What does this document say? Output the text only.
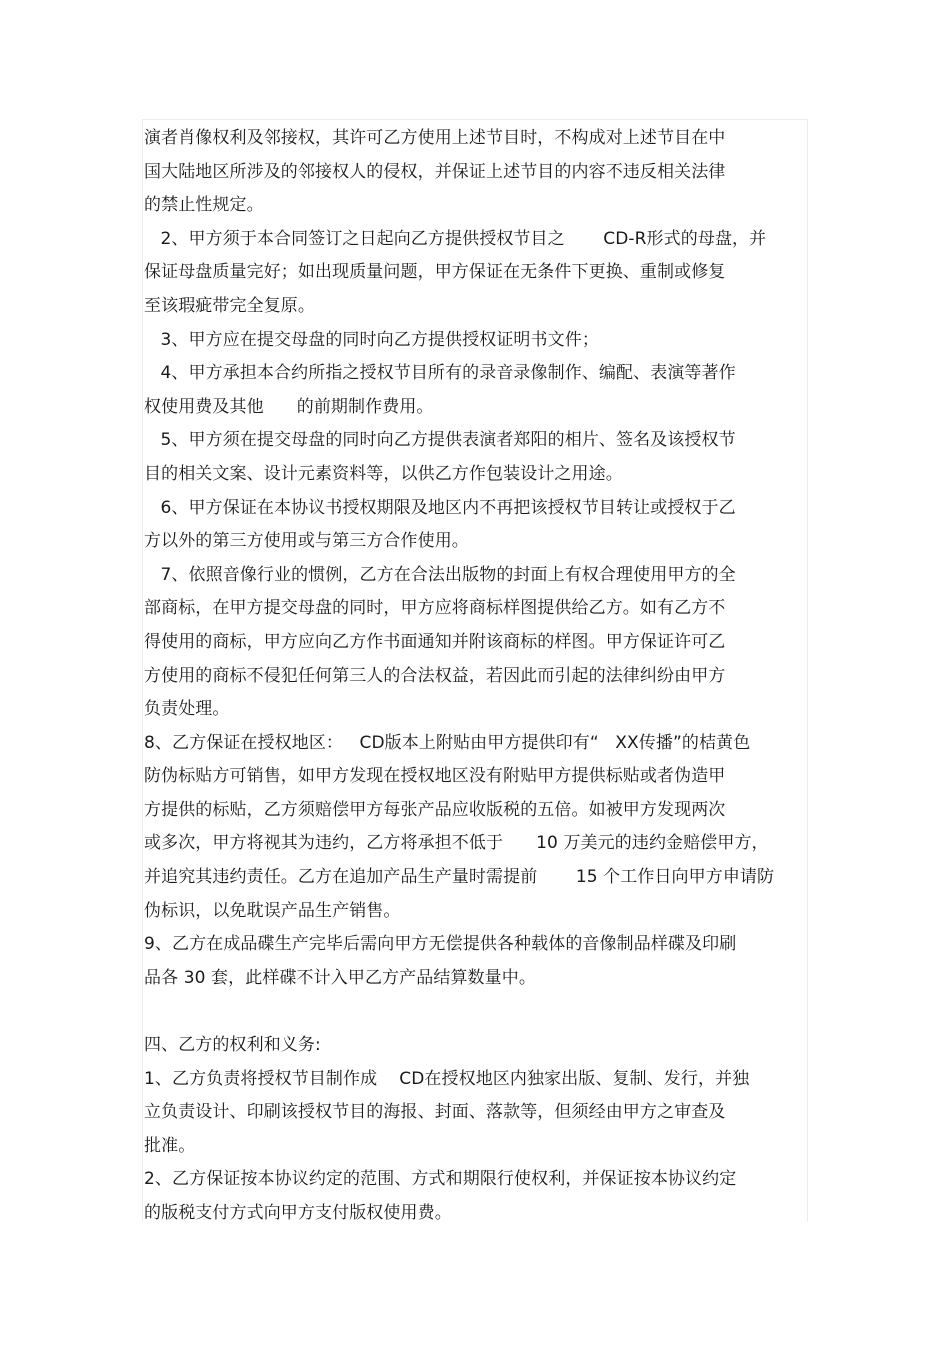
演者肖像权利及邻接权，其许可乙方使用上述节目时，不构成对上述节目在中
国大陆地区所涉及的邻接权人的侵权，并保证上述节目的内容不违反相关法律
的禁止性规定。
2、甲方须于本合同签订之日起向乙方提供授权节目之       CD-R形式的母盘，并
保证母盘质量完好；如出现质量问题，甲方保证在无条件下更换、重制或修复
至该瑕疵带完全复原。
3、甲方应在提交母盘的同时向乙方提供授权证明书文件；
4、甲方承担本合约所指之授权节目所有的录音录像制作、编配、表演等著作
权使用费及其他      的前期制作费用。
5、甲方须在提交母盘的同时向乙方提供表演者郑阳的相片、签名及该授权节
目的相关文案、设计元素资料等，以供乙方作包装设计之用途。
6、甲方保证在本协议书授权期限及地区内不再把该授权节目转让或授权于乙
方以外的第三方使用或与第三方合作使用。
7、依照音像行业的惯例，乙方在合法出版物的封面上有权合理使用甲方的全
部商标，在甲方提交母盘的同时，甲方应将商标样图提供给乙方。如有乙方不
得使用的商标，甲方应向乙方作书面通知并附该商标的样图。甲方保证许可乙
方使用的商标不侵犯任何第三人的合法权益，若因此而引起的法律纠纷由甲方
负责处理。
8、乙方保证在授权地区：   CD版本上附贴由甲方提供印有“   XX传播”的桔黄色
防伪标贴方可销售，如甲方发现在授权地区没有附贴甲方提供标贴或者伪造甲
方提供的标贴，乙方须赔偿甲方每张产品应收版税的五倍。如被甲方发现两次
或多次，甲方将视其为违约，乙方将承担不低于      10 万美元的违约金赔偿甲方，
并追究其违约责任。乙方在追加产品生产量时需提前       15 个工作日向甲方申请防
伪标识，以免耽误产品生产销售。
9、乙方在成品碟生产完毕后需向甲方无偿提供各种载体的音像制品样碟及印刷
品各 30 套，此样碟不计入甲乙方产品结算数量中。
四、乙方的权利和义务:
1、乙方负责将授权节目制作成    CD在授权地区内独家出版、复制、发行，并独
立负责设计、印刷该授权节目的海报、封面、落款等，但须经由甲方之审查及
批准。
2、乙方保证按本协议约定的范围、方式和期限行使权利，并保证按本协议约定
的版税支付方式向甲方支付版权使用费。
